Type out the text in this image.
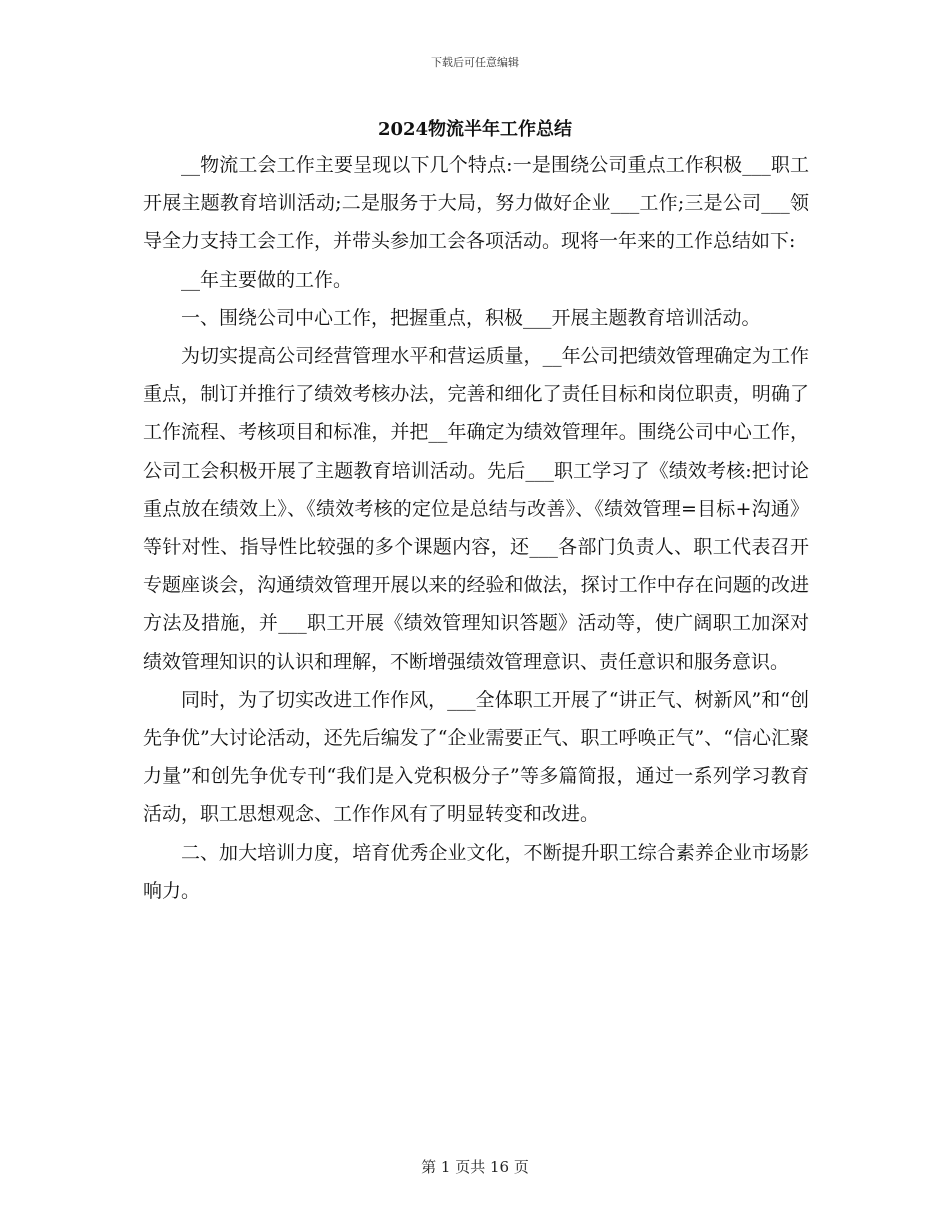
下载后可任意编辑
2024物流半年工作总结

__物流工会工作主要呈现以下几个特点:一是围绕公司重点工作积极___职工开展主题教育培训活动;二是服务于大局，努力做好企业___工作;三是公司___领导全力支持工会工作，并带头参加工会各项活动。现将一年来的工作总结如下:

__年主要做的工作。

一、围绕公司中心工作，把握重点，积极___开展主题教育培训活动。

为切实提高公司经营管理水平和营运质量，__年公司把绩效管理确定为工作重点，制订并推行了绩效考核办法，完善和细化了责任目标和岗位职责，明确了工作流程、考核项目和标准，并把__年确定为绩效管理年。围绕公司中心工作，公司工会积极开展了主题教育培训活动。先后___职工学习了《绩效考核:把讨论重点放在绩效上》、《绩效考核的定位是总结与改善》、《绩效管理=目标+沟通》等针对性、指导性比较强的多个课题内容，还___各部门负责人、职工代表召开专题座谈会，沟通绩效管理开展以来的经验和做法，探讨工作中存在问题的改进方法及措施，并___职工开展《绩效管理知识答题》活动等，使广阔职工加深对绩效管理知识的认识和理解，不断增强绩效管理意识、责任意识和服务意识。

同时，为了切实改进工作作风，___全体职工开展了“讲正气、树新风”和“创先争优”大讨论活动，还先后编发了“企业需要正气、职工呼唤正气”、“信心汇聚力量”和创先争优专刊“我们是入党积极分子”等多篇简报，通过一系列学习教育活动，职工思想观念、工作作风有了明显转变和改进。

二、加大培训力度，培育优秀企业文化，不断提升职工综合素养企业市场影响力。

第 1 页共 16 页
